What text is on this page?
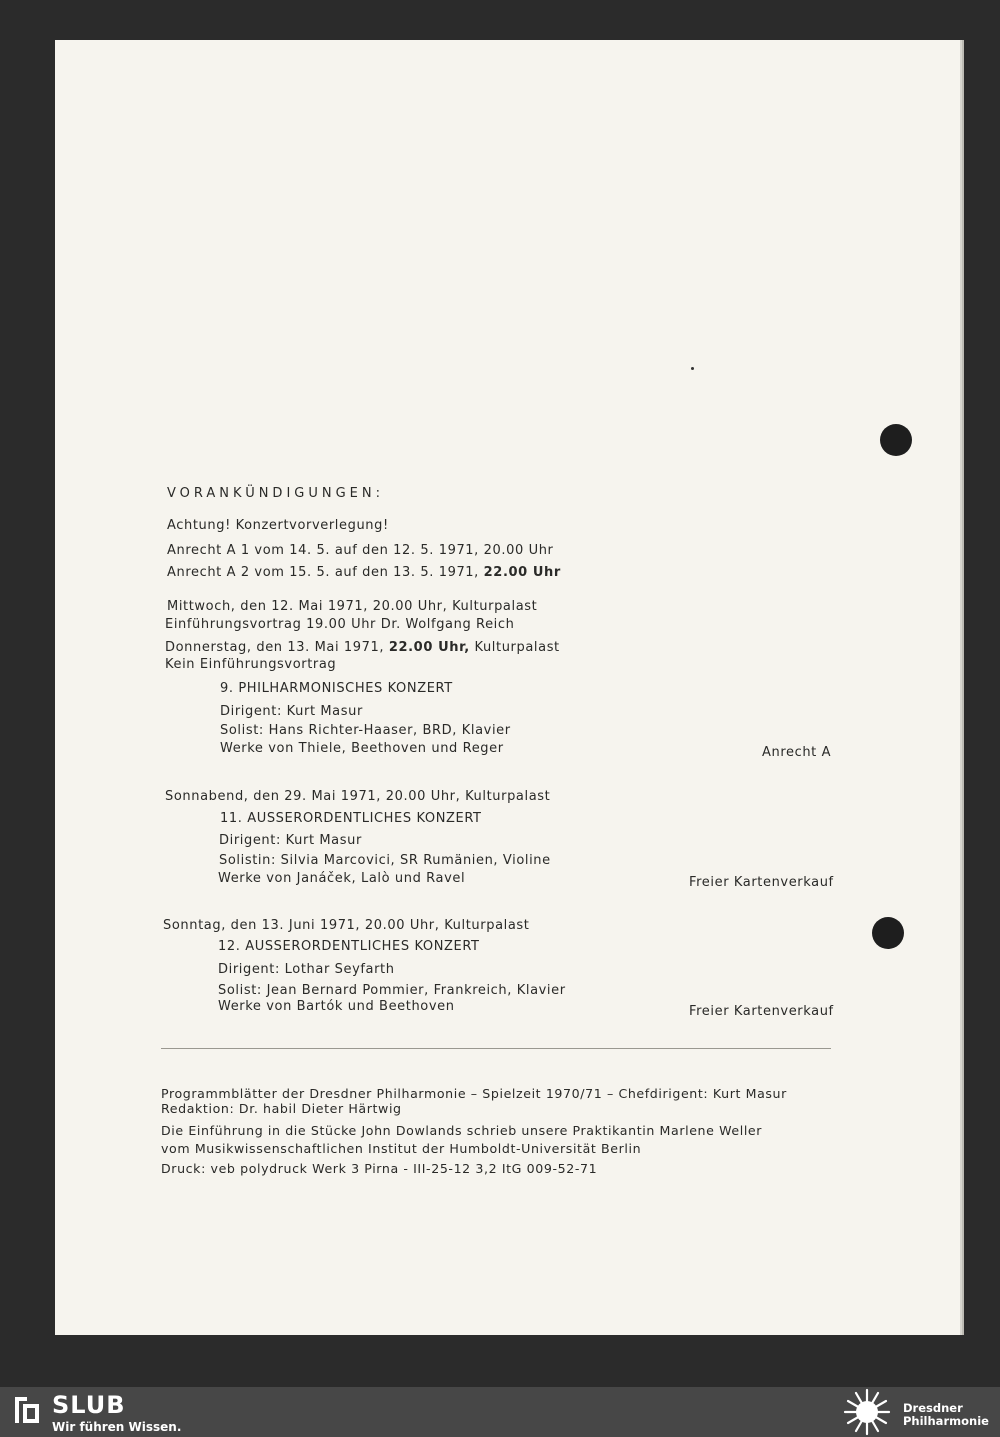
VORANKÜNDIGUNGEN:
Achtung! Konzertvorverlegung!
Anrecht A 1 vom 14. 5. auf den 12. 5. 1971, 20.00 Uhr
Anrecht A 2 vom 15. 5. auf den 13. 5. 1971, 22.00 Uhr
Mittwoch, den 12. Mai 1971, 20.00 Uhr, Kulturpalast
Einführungsvortrag 19.00 Uhr Dr. Wolfgang Reich
Donnerstag, den 13. Mai 1971, 22.00 Uhr, Kulturpalast
Kein Einführungsvortrag
9. PHILHARMONISCHES KONZERT
Dirigent: Kurt Masur
Solist: Hans Richter-Haaser, BRD, Klavier
Werke von Thiele, Beethoven und Reger	Anrecht A
Sonnabend, den 29. Mai 1971, 20.00 Uhr, Kulturpalast
11. AUSSERORDENTLICHES KONZERT
Dirigent: Kurt Masur
Solistin: Silvia Marcovici, SR Rumänien, Violine
Werke von Janáček, Lalò und Ravel	Freier Kartenverkauf
Sonntag, den 13. Juni 1971, 20.00 Uhr, Kulturpalast
12. AUSSERORDENTLICHES KONZERT
Dirigent: Lothar Seyfarth
Solist: Jean Bernard Pommier, Frankreich, Klavier
Werke von Bartók und Beethoven	Freier Kartenverkauf
Programmblätter der Dresdner Philharmonie – Spielzeit 1970/71 – Chefdirigent: Kurt Masur
Redaktion: Dr. habil Dieter Härtwig
Die Einführung in die Stücke John Dowlands schrieb unsere Praktikantin Marlene Weller
vom Musikwissenschaftlichen Institut der Humboldt-Universität Berlin
Druck: veb polydruck Werk 3 Pirna - III-25-12 3,2 ItG 009-52-71
SLUB
Wir führen Wissen.
Dresdner
Philharmonie
